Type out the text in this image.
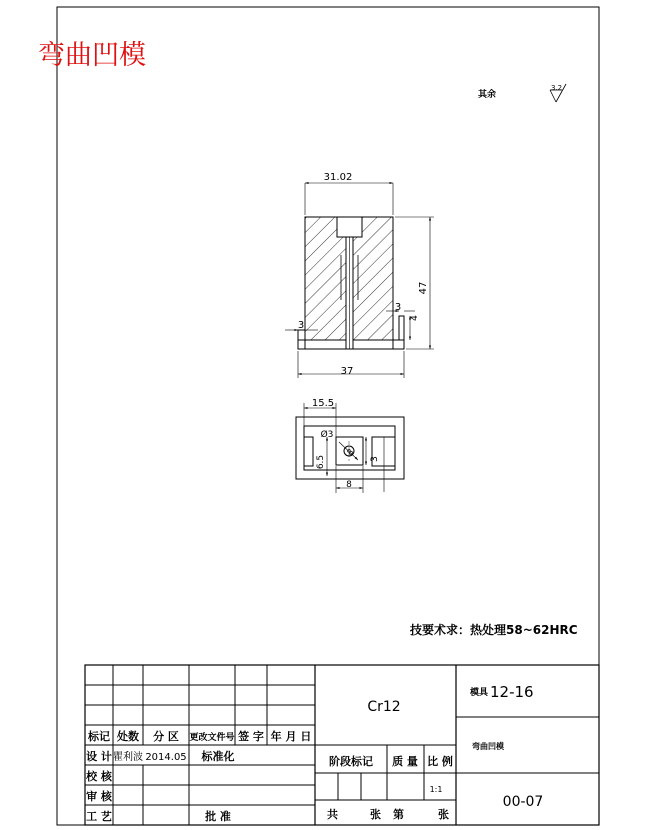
弯曲凹模
其余
3.2
31.02
47
37
3
3
4
15.5
Ø3
6.5
8
8
3
技要术求：热处理58~62HRC
Cr12
模具 12-16
弯曲凹模
00-07
标记 处数 分 区 更改文件号 签 字 年 月 日
设 计 瞿利波 2014.05 标准化
校 核
审 核
工 艺	批 准
阶段标记 质 量 比 例
1:1
共	张 第	张
